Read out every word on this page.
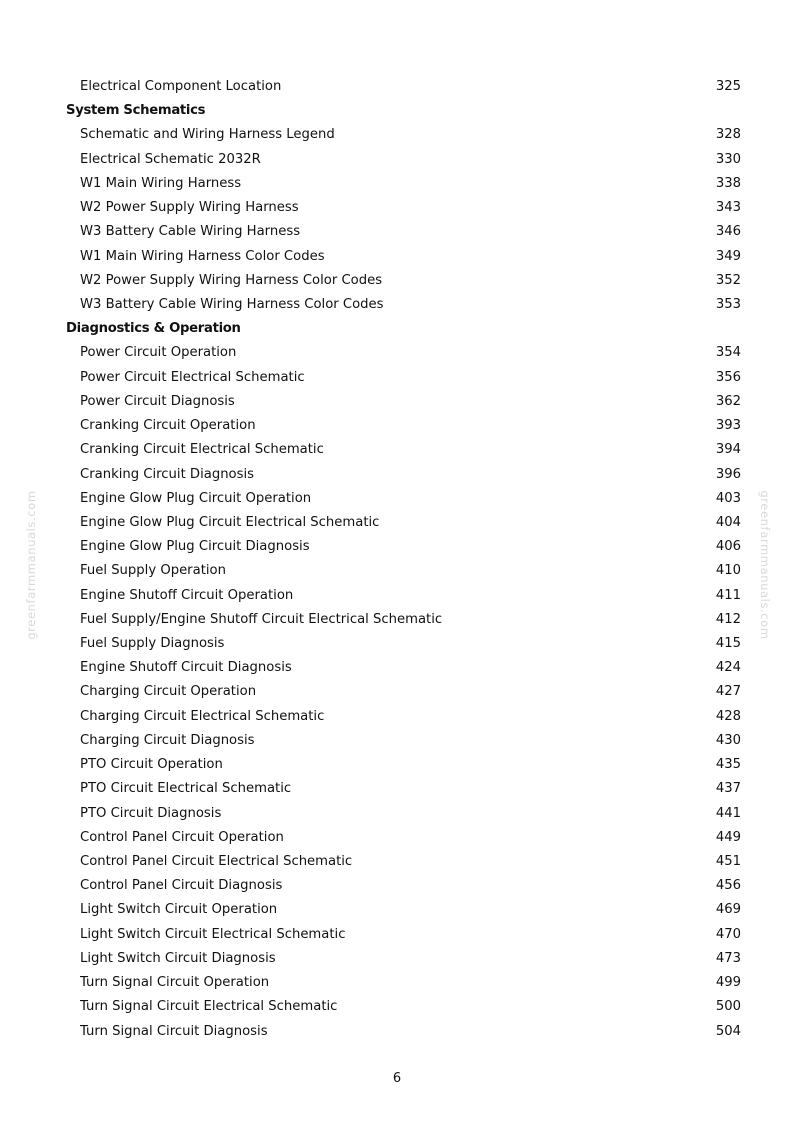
greenfarmmanuals.com	greenfarmmanuals.com
Electrical Component Location	325
System Schematics
Schematic and Wiring Harness Legend	328
Electrical Schematic 2032R	330
W1 Main Wiring Harness	338
W2 Power Supply Wiring Harness	343
W3 Battery Cable Wiring Harness	346
W1 Main Wiring Harness Color Codes	349
W2 Power Supply Wiring Harness Color Codes	352
W3 Battery Cable Wiring Harness Color Codes	353
Diagnostics & Operation
Power Circuit Operation	354
Power Circuit Electrical Schematic	356
Power Circuit Diagnosis	362
Cranking Circuit Operation	393
Cranking Circuit Electrical Schematic	394
Cranking Circuit Diagnosis	396
Engine Glow Plug Circuit Operation	403
Engine Glow Plug Circuit Electrical Schematic	404
Engine Glow Plug Circuit Diagnosis	406
Fuel Supply Operation	410
Engine Shutoff Circuit Operation	411
Fuel Supply/Engine Shutoff Circuit Electrical Schematic	412
Fuel Supply Diagnosis	415
Engine Shutoff Circuit Diagnosis	424
Charging Circuit Operation	427
Charging Circuit Electrical Schematic	428
Charging Circuit Diagnosis	430
PTO Circuit Operation	435
PTO Circuit Electrical Schematic	437
PTO Circuit Diagnosis	441
Control Panel Circuit Operation	449
Control Panel Circuit Electrical Schematic	451
Control Panel Circuit Diagnosis	456
Light Switch Circuit Operation	469
Light Switch Circuit Electrical Schematic	470
Light Switch Circuit Diagnosis	473
Turn Signal Circuit Operation	499
Turn Signal Circuit Electrical Schematic	500
Turn Signal Circuit Diagnosis	504
6
